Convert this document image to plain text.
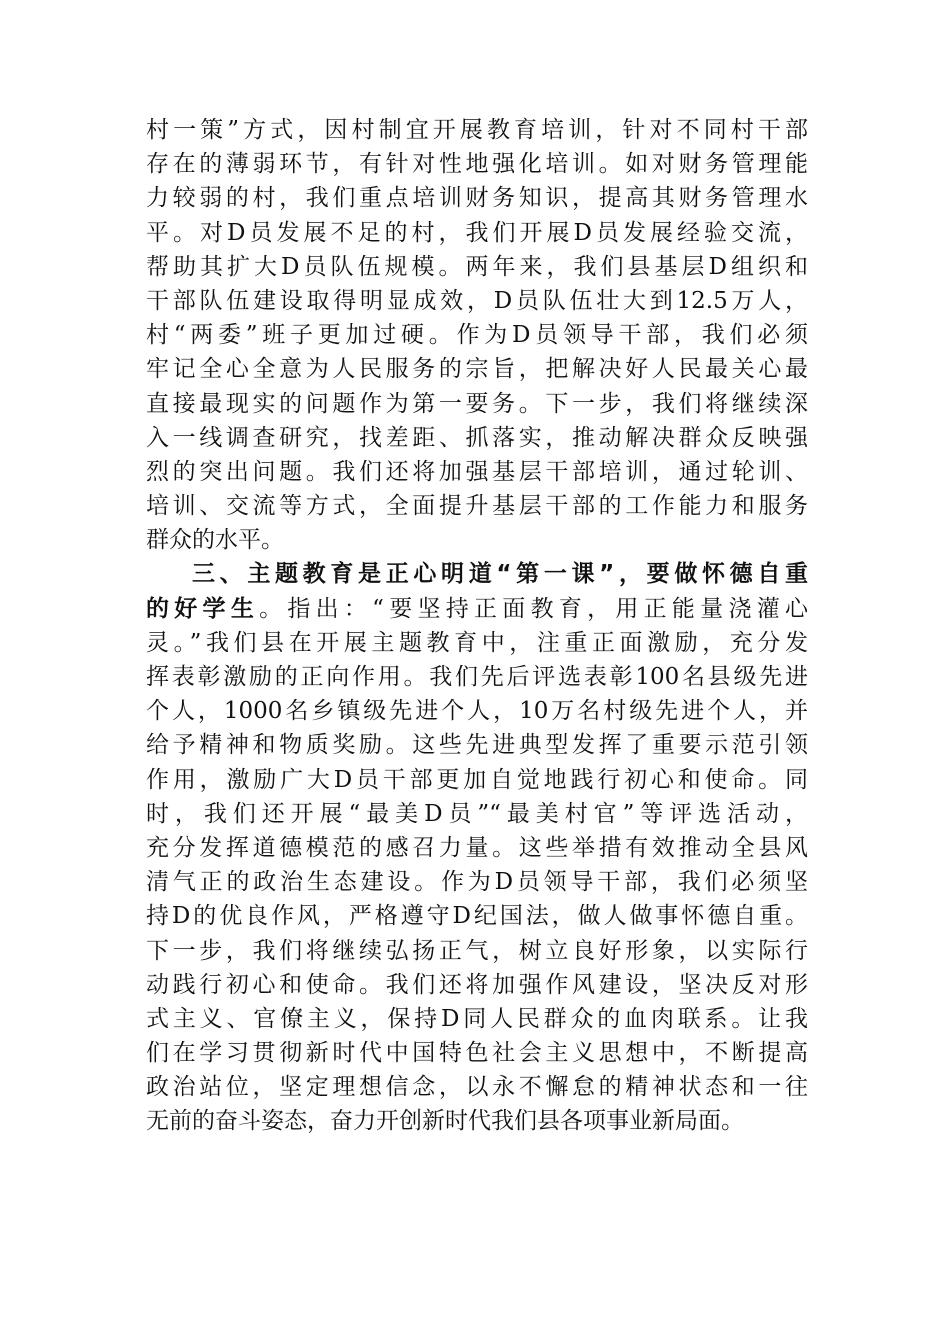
村一策”方式，因村制宜开展教育培训，针对不同村干部
存在的薄弱环节，有针对性地强化培训。如对财务管理能
力较弱的村，我们重点培训财务知识，提高其财务管理水
平。对D员发展不足的村，我们开展D员发展经验交流，
帮助其扩大D员队伍规模。两年来，我们县基层D组织和
干部队伍建设取得明显成效，D员队伍壮大到12.5万人，
村“两委”班子更加过硬。作为D员领导干部，我们必须
牢记全心全意为人民服务的宗旨，把解决好人民最关心最
直接最现实的问题作为第一要务。下一步，我们将继续深
入一线调查研究，找差距、抓落实，推动解决群众反映强
烈的突出问题。我们还将加强基层干部培训，通过轮训、
培训、交流等方式，全面提升基层干部的工作能力和服务
群众的水平。
三、主题教育是正心明道“第一课”，要做怀德自重
的好学生。指出：“要坚持正面教育，用正能量浇灌心
灵。”我们县在开展主题教育中，注重正面激励，充分发
挥表彰激励的正向作用。我们先后评选表彰100名县级先进
个人，1000名乡镇级先进个人，10万名村级先进个人，并
给予精神和物质奖励。这些先进典型发挥了重要示范引领
作用，激励广大D员干部更加自觉地践行初心和使命。同
时，我们还开展“最美D员”“最美村官”等评选活动，
充分发挥道德模范的感召力量。这些举措有效推动全县风
清气正的政治生态建设。作为D员领导干部，我们必须坚
持D的优良作风，严格遵守D纪国法，做人做事怀德自重。
下一步，我们将继续弘扬正气，树立良好形象，以实际行
动践行初心和使命。我们还将加强作风建设，坚决反对形
式主义、官僚主义，保持D同人民群众的血肉联系。让我
们在学习贯彻新时代中国特色社会主义思想中，不断提高
政治站位，坚定理想信念，以永不懈怠的精神状态和一往
无前的奋斗姿态，奋力开创新时代我们县各项事业新局面。
